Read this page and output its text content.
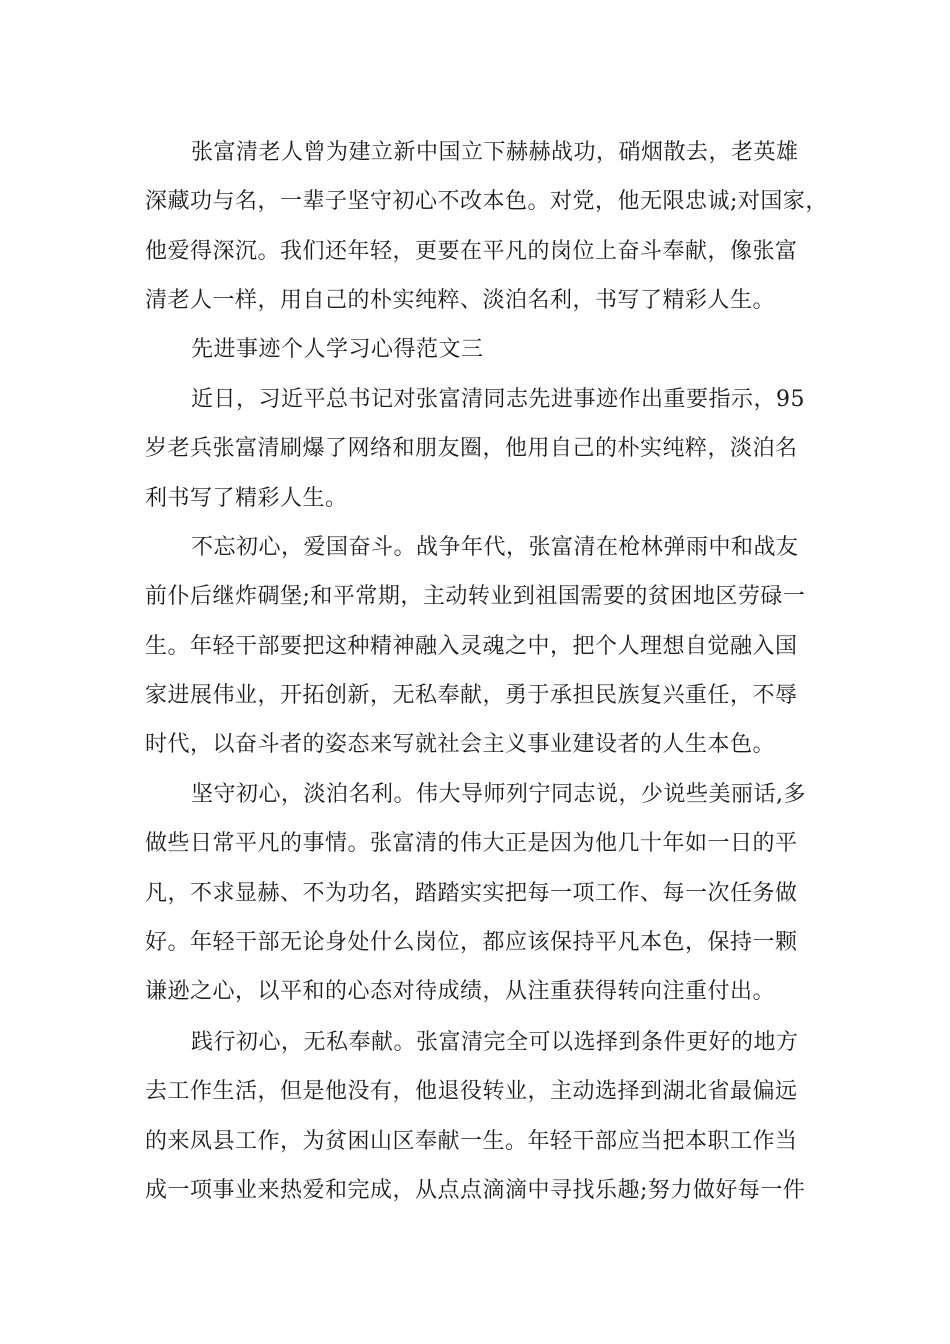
张富清老人曾为建立新中国立下赫赫战功，硝烟散去，老英雄
深藏功与名，一辈子坚守初心不改本色。对党，他无限忠诚;对国家，
他爱得深沉。我们还年轻，更要在平凡的岗位上奋斗奉献，像张富
清老人一样，用自己的朴实纯粹、淡泊名利，书写了精彩人生。

先进事迹个人学习心得范文三

近日，习近平总书记对张富清同志先进事迹作出重要指示，95
岁老兵张富清刷爆了网络和朋友圈，他用自己的朴实纯粹，淡泊名
利书写了精彩人生。

不忘初心，爱国奋斗。战争年代，张富清在枪林弹雨中和战友
前仆后继炸碉堡;和平常期，主动转业到祖国需要的贫困地区劳碌一
生。年轻干部要把这种精神融入灵魂之中，把个人理想自觉融入国
家进展伟业，开拓创新，无私奉献，勇于承担民族复兴重任，不辱
时代，以奋斗者的姿态来写就社会主义事业建设者的人生本色。

坚守初心，淡泊名利。伟大导师列宁同志说，少说些美丽话,多
做些日常平凡的事情。张富清的伟大正是因为他几十年如一日的平
凡，不求显赫、不为功名，踏踏实实把每一项工作、每一次任务做
好。年轻干部无论身处什么岗位，都应该保持平凡本色，保持一颗
谦逊之心，以平和的心态对待成绩，从注重获得转向注重付出。

践行初心，无私奉献。张富清完全可以选择到条件更好的地方
去工作生活，但是他没有，他退役转业，主动选择到湖北省最偏远
的来凤县工作，为贫困山区奉献一生。年轻干部应当把本职工作当
成一项事业来热爱和完成，从点点滴滴中寻找乐趣;努力做好每一件
